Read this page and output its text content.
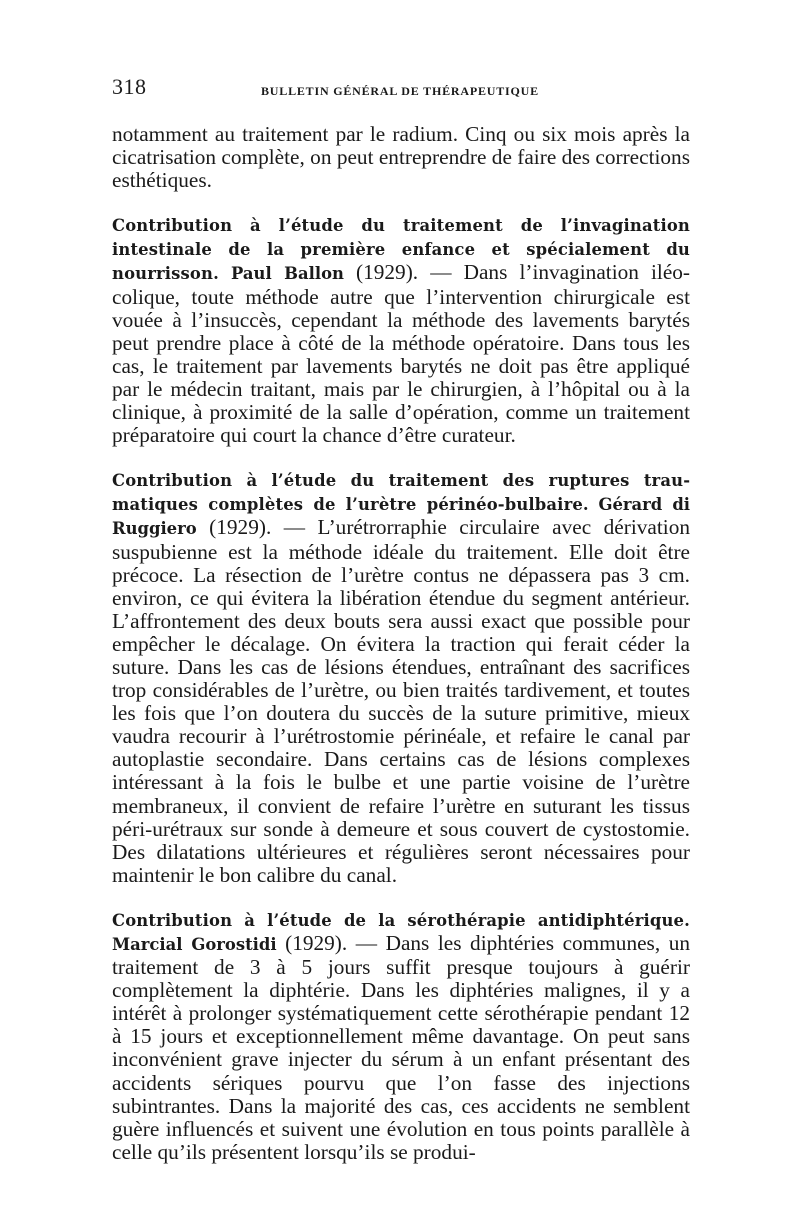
318	BULLETIN GÉNÉRAL DE THÉRAPEUTIQUE

notamment au traitement par le radium. Cinq ou six mois après la cicatrisation complète, on peut entreprendre de faire des corrections esthétiques.

Contribution à l’étude du traitement de l’invagination intestinale de la première enfance et spécialement du nourrisson. Paul Ballon (1929). — Dans l’invagination iléo-colique, toute méthode autre que l’intervention chirurgicale est vouée à l’insuccès, cependant la méthode des lavements barytés peut prendre place à côté de la méthode opératoire. Dans tous les cas, le traitement par lavements barytés ne doit pas être appliqué par le médecin traitant, mais par le chirurgien, à l’hôpital ou à la clinique, à proximité de la salle d’opération, comme un traitement préparatoire qui court la chance d’être curateur.

Contribution à l’étude du traitement des ruptures traumatiques complètes de l’urètre périnéo-bulbaire. Gérard di Ruggiero (1929). — L’urétrorraphie circulaire avec dérivation suspubienne est la méthode idéale du traitement. Elle doit être précoce. La résection de l’urètre contus ne dépassera pas 3 cm. environ, ce qui évitera la libération étendue du segment antérieur. L’affrontement des deux bouts sera aussi exact que possible pour empêcher le décalage. On évitera la traction qui ferait céder la suture. Dans les cas de lésions étendues, entraînant des sacrifices trop considérables de l’urètre, ou bien traités tardivement, et toutes les fois que l’on doutera du succès de la suture primitive, mieux vaudra recourir à l’urétrostomie périnéale, et refaire le canal par autoplastie secondaire. Dans certains cas de lésions complexes intéressant à la fois le bulbe et une partie voisine de l’urètre membraneux, il convient de refaire l’urètre en suturant les tissus péri-urétraux sur sonde à demeure et sous couvert de cystostomie. Des dilatations ultérieures et régulières seront nécessaires pour maintenir le bon calibre du canal.

Contribution à l’étude de la sérothérapie antidiphtérique. Marcial Gorostidi (1929). — Dans les diphtéries communes, un traitement de 3 à 5 jours suffit presque toujours à guérir complètement la diphtérie. Dans les diphtéries malignes, il y a intérêt à prolonger systématiquement cette sérothérapie pendant 12 à 15 jours et exceptionnellement même davantage. On peut sans inconvénient grave injecter du sérum à un enfant présentant des accidents sériques pourvu que l’on fasse des injections subintrantes. Dans la majorité des cas, ces accidents ne semblent guère influencés et suivent une évolution en tous points parallèle à celle qu’ils présentent lorsqu’ils se produi-
